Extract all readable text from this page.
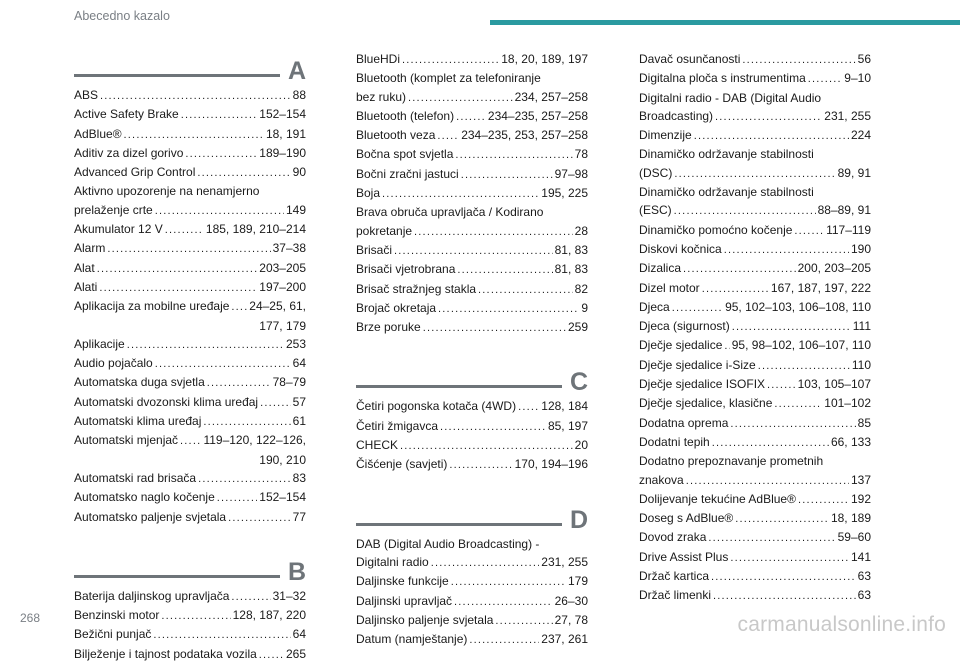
Abecedno kazalo
A
ABS .....	88
Active Safety Brake .....	152–154
AdBlue® .....	18, 191
Aditiv za dizel gorivo .....	189–190
Advanced Grip Control .....	90
Aktivno upozorenje na nenamjerno
prelaženje crte .....	149
Akumulator 12 V .....	185, 189, 210–214
Alarm .....	37–38
Alat .....	203–205
Alati .....	197–200
Aplikacija za mobilne uređaje ..... 24–25, 61,
177, 179
Aplikacije .....	253
Audio pojačalo .....	64
Automatska duga svjetla .....	78–79
Automatski dvozonski klima uređaj .....	57
Automatski klima uređaj .....	61
Automatski mjenjač ..... 119–120, 122–126,
190, 210
Automatski rad brisača .....	83
Automatsko naglo kočenje .....	152–154
Automatsko paljenje svjetala .....	77
B
Baterija daljinskog upravljača .....	31–32
Benzinski motor .....	128, 187, 220
Bežični punjač .....	64
Bilježenje i tajnost podataka vozila ..... 265
BlueHDi .....	18, 20, 189, 197
Bluetooth (komplet za telefoniranje
bez ruku) .....	234, 257–258
Bluetooth (telefon) .....	234–235, 257–258
Bluetooth veza ..... 234–235, 253, 257–258
Bočna spot svjetla .....	78
Bočni zračni jastuci .....	97–98
Boja .....	195, 225
Brava obruča upravljača / Kodirano
pokretanje .....	28
Brisači .....	81, 83
Brisači vjetrobrana .....	81, 83
Brisač stražnjeg stakla .....	82
Brojač okretaja .....	9
Brze poruke .....	259
C
Četiri pogonska kotača (4WD) ..... 128, 184
Četiri žmigavca .....	85, 197
CHECK .....	20
Čišćenje (savjeti) .....	170, 194–196
D
DAB (Digital Audio Broadcasting) -
Digitalni radio .....	231, 255
Daljinske funkcije .....	179
Daljinski upravljač .....	26–30
Daljinsko paljenje svjetala .....	27, 78
Datum (namještanje) .....	237, 261
Davač osunčanosti .....	56
Digitalna ploča s instrumentima .....	9–10
Digitalni radio - DAB (Digital Audio
Broadcasting) .....	231, 255
Dimenzije .....	224
Dinamičko održavanje stabilnosti
(DSC) .....	89, 91
Dinamičko održavanje stabilnosti
(ESC) .....	88–89, 91
Dinamičko pomoćno kočenje .....	117–119
Diskovi kočnica .....	190
Dizalica .....	200, 203–205
Dizel motor .....	167, 187, 197, 222
Djeca .....	95, 102–103, 106–108, 110
Djeca (sigurnost) .....	111
Dječje sjedalice ..... 95, 98–102, 106–107, 110
Dječje sjedalice i-Size .....	110
Dječje sjedalice ISOFIX .....	103, 105–107
Dječje sjedalice, klasične .....	101–102
Dodatna oprema .....	85
Dodatni tepih .....	66, 133
Dodatno prepoznavanje prometnih
znakova .....	137
Dolijevanje tekućine AdBlue® .....	192
Doseg s AdBlue® .....	18, 189
Dovod zraka .....	59–60
Drive Assist Plus .....	141
Držač kartica .....	63
Držač limenki .....	63
268	carmanualsonline.info
